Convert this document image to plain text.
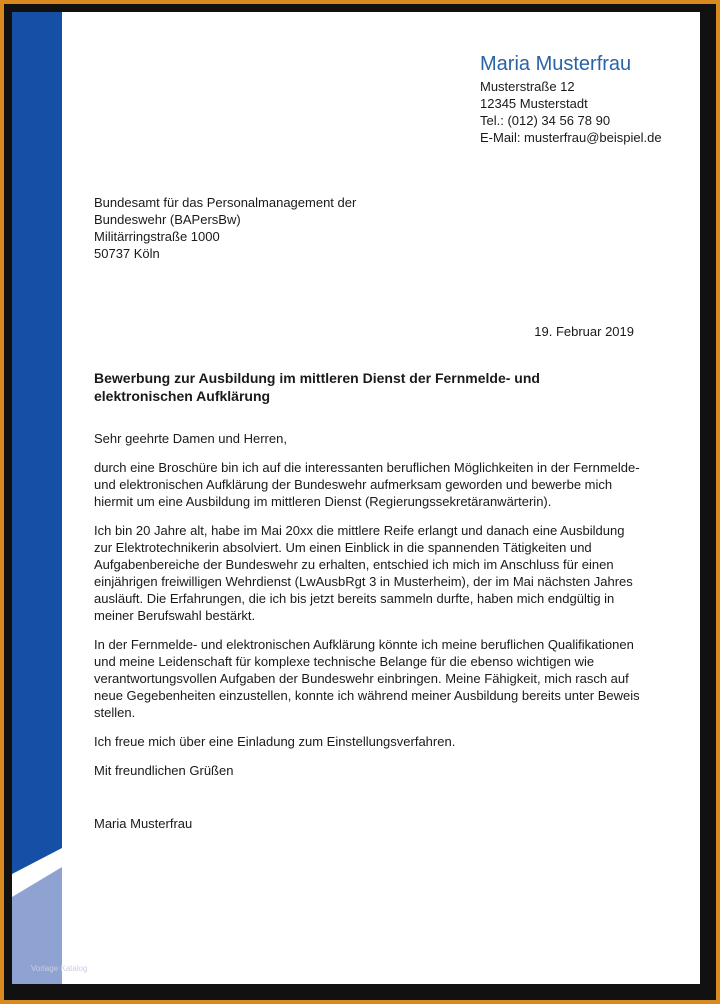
Vorlage Katalog
Maria Musterfrau
Musterstraße 12
12345 Musterstadt
Tel.: (012) 34 56 78 90
E-Mail: musterfrau@beispiel.de
Bundesamt für das Personalmanagement der
Bundeswehr (BAPersBw)
Militärringstraße 1000
50737 Köln
19. Februar 2019
Bewerbung zur Ausbildung im mittleren Dienst der Fernmelde- und elektronischen Aufklärung

Sehr geehrte Damen und Herren,

durch eine Broschüre bin ich auf die interessanten beruflichen Möglichkeiten in der Fernmelde- und elektronischen Aufklärung der Bundeswehr aufmerksam geworden und bewerbe mich hiermit um eine Ausbildung im mittleren Dienst (Regierungssekretäranwärterin).

Ich bin 20 Jahre alt, habe im Mai 20xx die mittlere Reife erlangt und danach eine Ausbildung zur Elektrotechnikerin absolviert. Um einen Einblick in die spannenden Tätigkeiten und Aufgabenbereiche der Bundeswehr zu erhalten, entschied ich mich im Anschluss für einen einjährigen freiwilligen Wehrdienst (LwAusbRgt 3 in Musterheim), der im Mai nächsten Jahres ausläuft. Die Erfahrungen, die ich bis jetzt bereits sammeln durfte, haben mich endgültig in meiner Berufswahl bestärkt.

In der Fernmelde- und elektronischen Aufklärung könnte ich meine beruflichen Qualifikationen und meine Leidenschaft für komplexe technische Belange für die ebenso wichtigen wie verantwortungsvollen Aufgaben der Bundeswehr einbringen. Meine Fähigkeit, mich rasch auf neue Gegebenheiten einzustellen, konnte ich während meiner Ausbildung bereits unter Beweis stellen.

Ich freue mich über eine Einladung zum Einstellungsverfahren.

Mit freundlichen Grüßen

Maria Musterfrau
